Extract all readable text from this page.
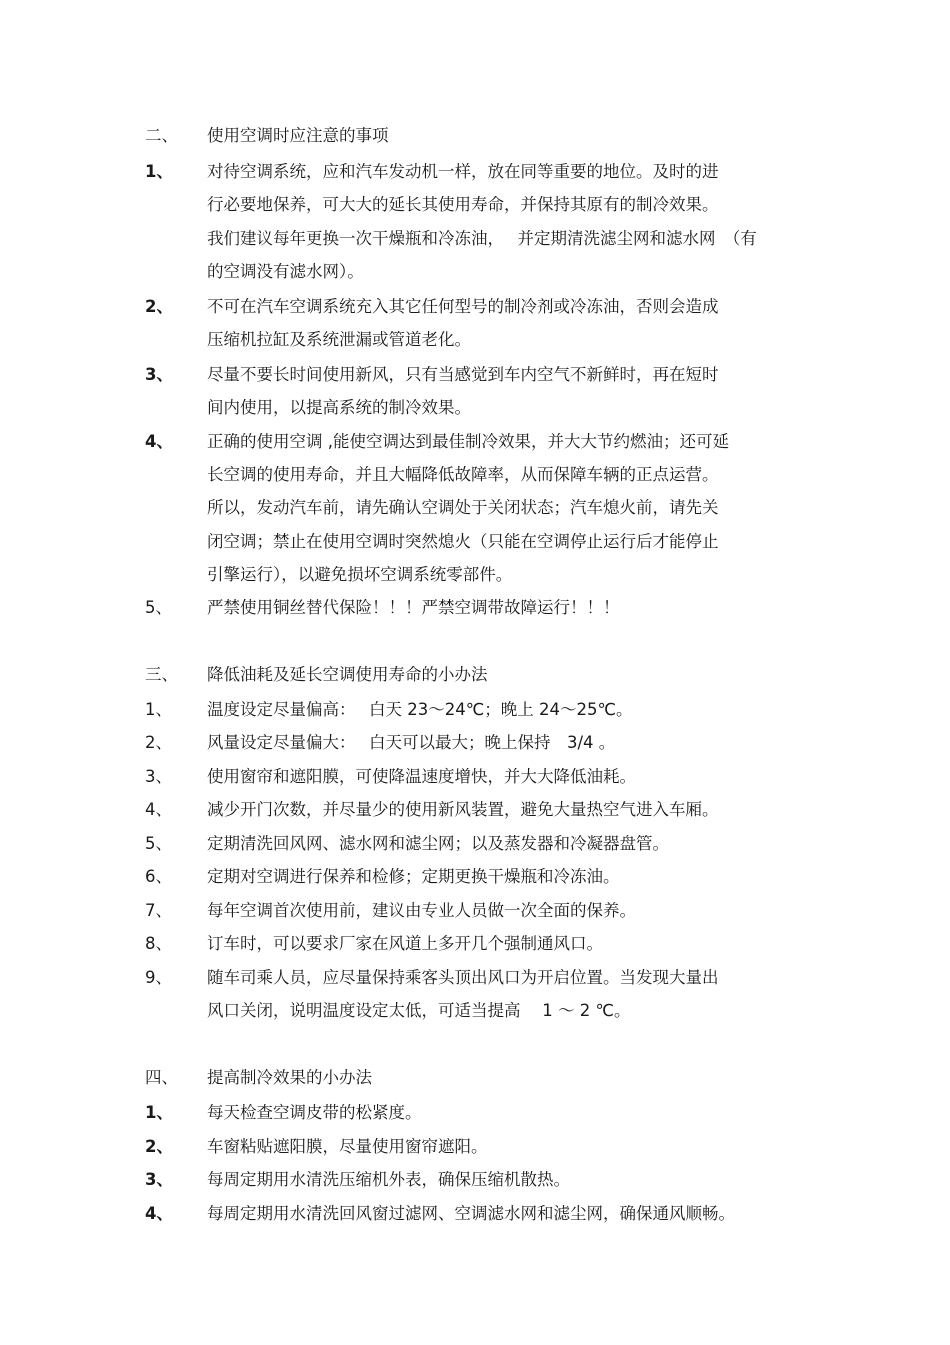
二、 使用空调时应注意的事项
1、	对待空调系统，应和汽车发动机一样，放在同等重要的地位。及时的进
行必要地保养，可大大的延长其使用寿命，并保持其原有的制冷效果。
我们建议每年更换一次干燥瓶和冷冻油，　 并定期清洗滤尘网和滤水网　（有
的空调没有滤水网）。
2、	不可在汽车空调系统充入其它任何型号的制冷剂或冷冻油，否则会造成
压缩机拉缸及系统泄漏或管道老化。
3、	尽量不要长时间使用新风，只有当感觉到车内空气不新鲜时，再在短时
间内使用，以提高系统的制冷效果。
4、	正确的使用空调 ,能使空调达到最佳制冷效果，并大大节约燃油；还可延
长空调的使用寿命，并且大幅降低故障率，从而保障车辆的正点运营。
所以，发动汽车前，请先确认空调处于关闭状态；汽车熄火前，请先关
闭空调；禁止在使用空调时突然熄火（只能在空调停止运行后才能停止
引擎运行），以避免损坏空调系统零部件。
5、	严禁使用铜丝替代保险！！！严禁空调带故障运行！！！
三、 降低油耗及延长空调使用寿命的小办法
1、	温度设定尽量偏高：　 白天 23～24℃；晚上 24～25℃。
2、	风量设定尽量偏大：　 白天可以最大；晚上保持　3/4 。
3、	使用窗帘和遮阳膜，可使降温速度增快，并大大降低油耗。
4、	减少开门次数，并尽量少的使用新风装置，避免大量热空气进入车厢。
5、	定期清洗回风网、滤水网和滤尘网；以及蒸发器和冷凝器盘管。
6、	定期对空调进行保养和检修；定期更换干燥瓶和冷冻油。
7、	每年空调首次使用前，建议由专业人员做一次全面的保养。
8、	订车时，可以要求厂家在风道上多开几个强制通风口。
9、	随车司乘人员，应尽量保持乘客头顶出风口为开启位置。当发现大量出
风口关闭，说明温度设定太低，可适当提高　 1 ～ 2 ℃。
四、 提高制冷效果的小办法
1、	每天检查空调皮带的松紧度。
2、	车窗粘贴遮阳膜，尽量使用窗帘遮阳。
3、	每周定期用水清洗压缩机外表，确保压缩机散热。
4、	每周定期用水清洗回风窗过滤网、空调滤水网和滤尘网，确保通风顺畅。
